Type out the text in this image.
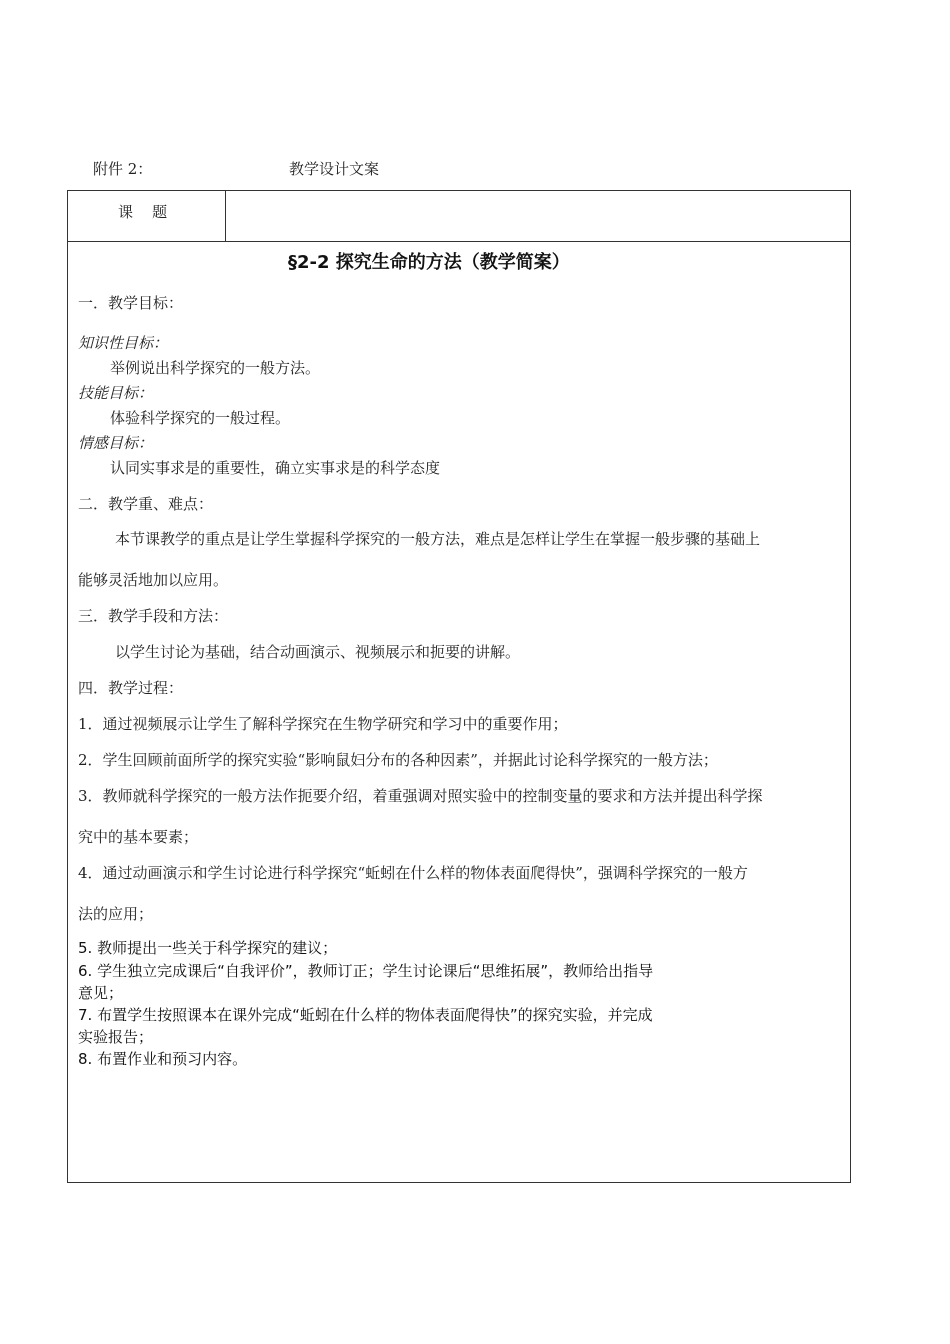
附件 2：	教学设计文案
课    题
§2-2 探究生命的方法（教学简案）
一．教学目标：
知识性目标：
举例说出科学探究的一般方法。
技能目标：
体验科学探究的一般过程。
情感目标：
认同实事求是的重要性，确立实事求是的科学态度
二．教学重、难点：
本节课教学的重点是让学生掌握科学探究的一般方法，难点是怎样让学生在掌握一般步骤的基础上
能够灵活地加以应用。
三．教学手段和方法：
以学生讨论为基础，结合动画演示、视频展示和扼要的讲解。
四．教学过程：
1．通过视频展示让学生了解科学探究在生物学研究和学习中的重要作用；
2．学生回顾前面所学的探究实验“影响鼠妇分布的各种因素”，并据此讨论科学探究的一般方法；
3．教师就科学探究的一般方法作扼要介绍，着重强调对照实验中的控制变量的要求和方法并提出科学探
究中的基本要素；
4．通过动画演示和学生讨论进行科学探究“蚯蚓在什么样的物体表面爬得快”，强调科学探究的一般方
法的应用；
5. 教师提出一些关于科学探究的建议；
6. 学生独立完成课后“自我评价”，教师订正；学生讨论课后“思维拓展”，教师给出指导
意见；
7. 布置学生按照课本在课外完成“蚯蚓在什么样的物体表面爬得快”的探究实验，并完成
实验报告；
8. 布置作业和预习内容。
